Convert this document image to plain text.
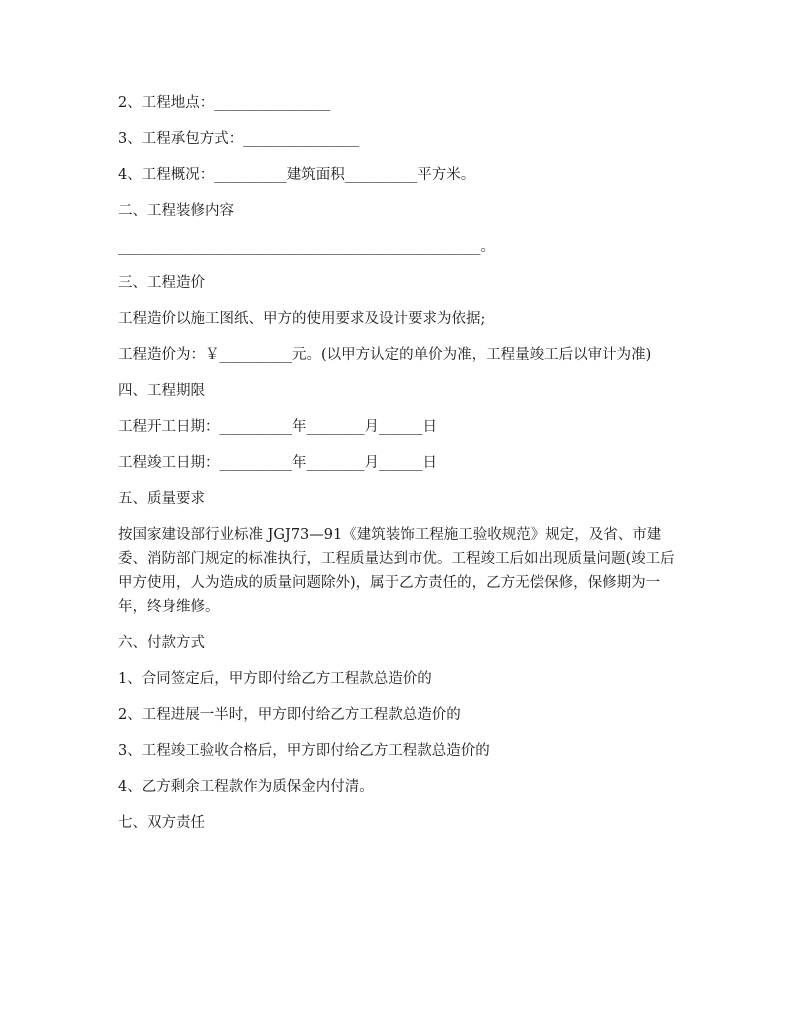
2、工程地点：________________

3、工程承包方式：________________

4、工程概况：__________建筑面积__________平方米。

二、工程装修内容

__________________________________________________。

三、工程造价

工程造价以施工图纸、甲方的使用要求及设计要求为依据;

工程造价为：￥__________元。(以甲方认定的单价为准，工程量竣工后以审计为准)

四、工程期限

工程开工日期：__________年________月______日

工程竣工日期：__________年________月______日

五、质量要求

按国家建设部行业标准 JGJ73—91《建筑装饰工程施工验收规范》规定，及省、市建委、消防部门规定的标准执行，工程质量达到市优。工程竣工后如出现质量问题(竣工后甲方使用，人为造成的质量问题除外)，属于乙方责任的，乙方无偿保修，保修期为一年，终身维修。

六、付款方式

1、合同签定后，甲方即付给乙方工程款总造价的

2、工程进展一半时，甲方即付给乙方工程款总造价的

3、工程竣工验收合格后，甲方即付给乙方工程款总造价的

4、乙方剩余工程款作为质保金内付清。

七、双方责任
